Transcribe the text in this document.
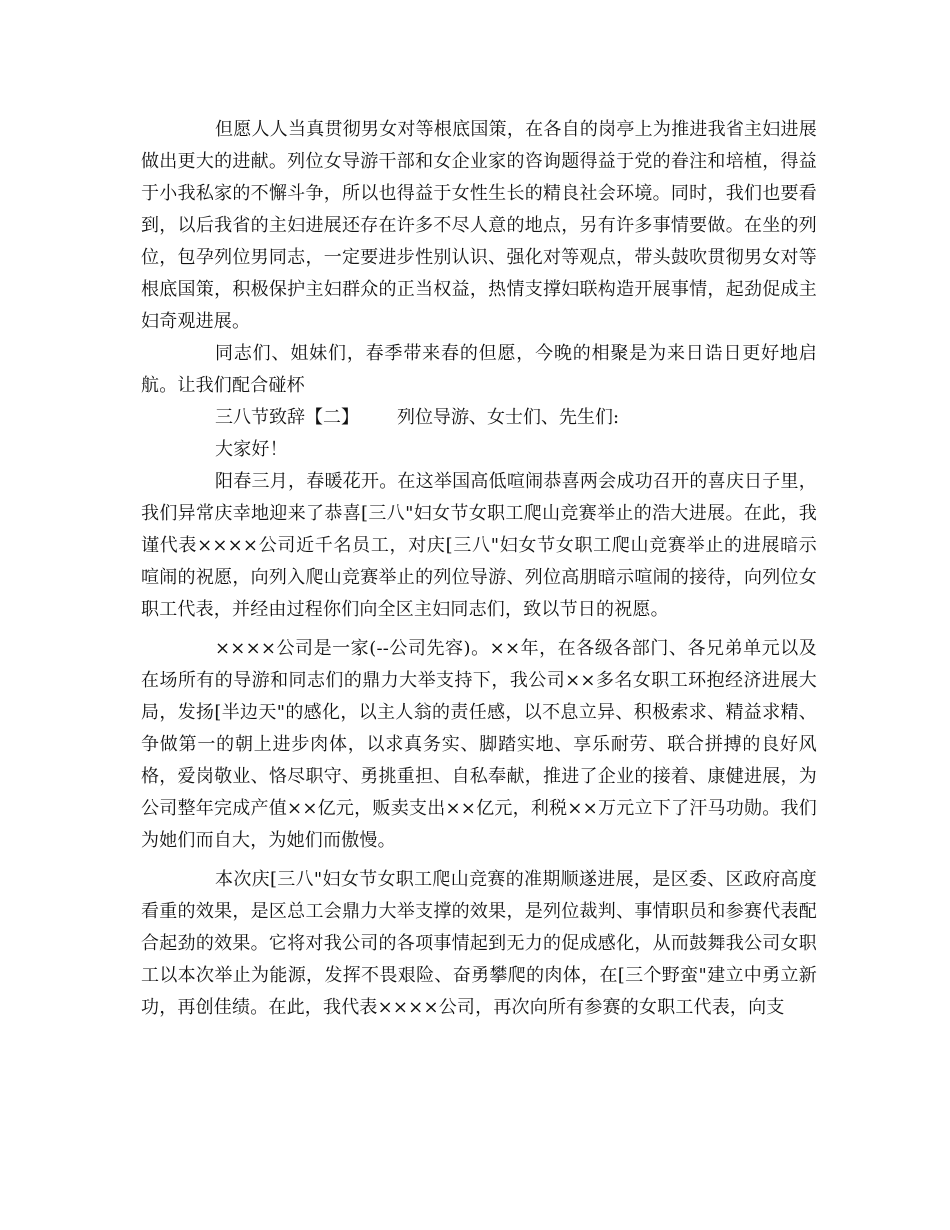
但愿人人当真贯彻男女对等根底国策，在各自的岗亭上为推进我省主妇进展做出更大的进献。列位女导游干部和女企业家的咨询题得益于党的眷注和培植，得益于小我私家的不懈斗争，所以也得益于女性生长的精良社会环境。同时，我们也要看到，以后我省的主妇进展还存在许多不尽人意的地点，另有许多事情要做。在坐的列位，包孕列位男同志，一定要进步性别认识、强化对等观点，带头鼓吹贯彻男女对等根底国策，积极保护主妇群众的正当权益，热情支撑妇联构造开展事情，起劲促成主妇奇观进展。

同志们、姐妹们，春季带来春的但愿，今晚的相聚是为来日诰日更好地启航。让我们配合碰杯

三八节致辞【二】 列位导游、女士们、先生们:

大家好！

阳春三月，春暖花开。在这举国高低喧闹恭喜两会成功召开的喜庆日子里，我们异常庆幸地迎来了恭喜[三八"妇女节女职工爬山竞赛举止的浩大进展。在此，我谨代表××××公司近千名员工，对庆[三八"妇女节女职工爬山竞赛举止的进展暗示喧闹的祝愿，向列入爬山竞赛举止的列位导游、列位高朋暗示喧闹的接待，向列位女职工代表，并经由过程你们向全区主妇同志们，致以节日的祝愿。

××××公司是一家(--公司先容)。××年，在各级各部门、各兄弟单元以及在场所有的导游和同志们的鼎力大举支持下，我公司××多名女职工环抱经济进展大局，发扬[半边天"的感化，以主人翁的责任感，以不息立异、积极索求、精益求精、争做第一的朝上进步肉体，以求真务实、脚踏实地、享乐耐劳、联合拼搏的良好风格，爱岗敬业、恪尽职守、勇挑重担、自私奉献，推进了企业的接着、康健进展，为公司整年完成产值××亿元，贩卖支出××亿元，利税××万元立下了汗马功勋。我们为她们而自大，为她们而傲慢。

本次庆[三八"妇女节女职工爬山竞赛的准期顺遂进展，是区委、区政府高度看重的效果，是区总工会鼎力大举支撑的效果，是列位裁判、事情职员和参赛代表配合起劲的效果。它将对我公司的各项事情起到无力的促成感化，从而鼓舞我公司女职工以本次举止为能源，发挥不畏艰险、奋勇攀爬的肉体，在[三个野蛮"建立中勇立新功，再创佳绩。在此，我代表××××公司，再次向所有参赛的女职工代表，向支
